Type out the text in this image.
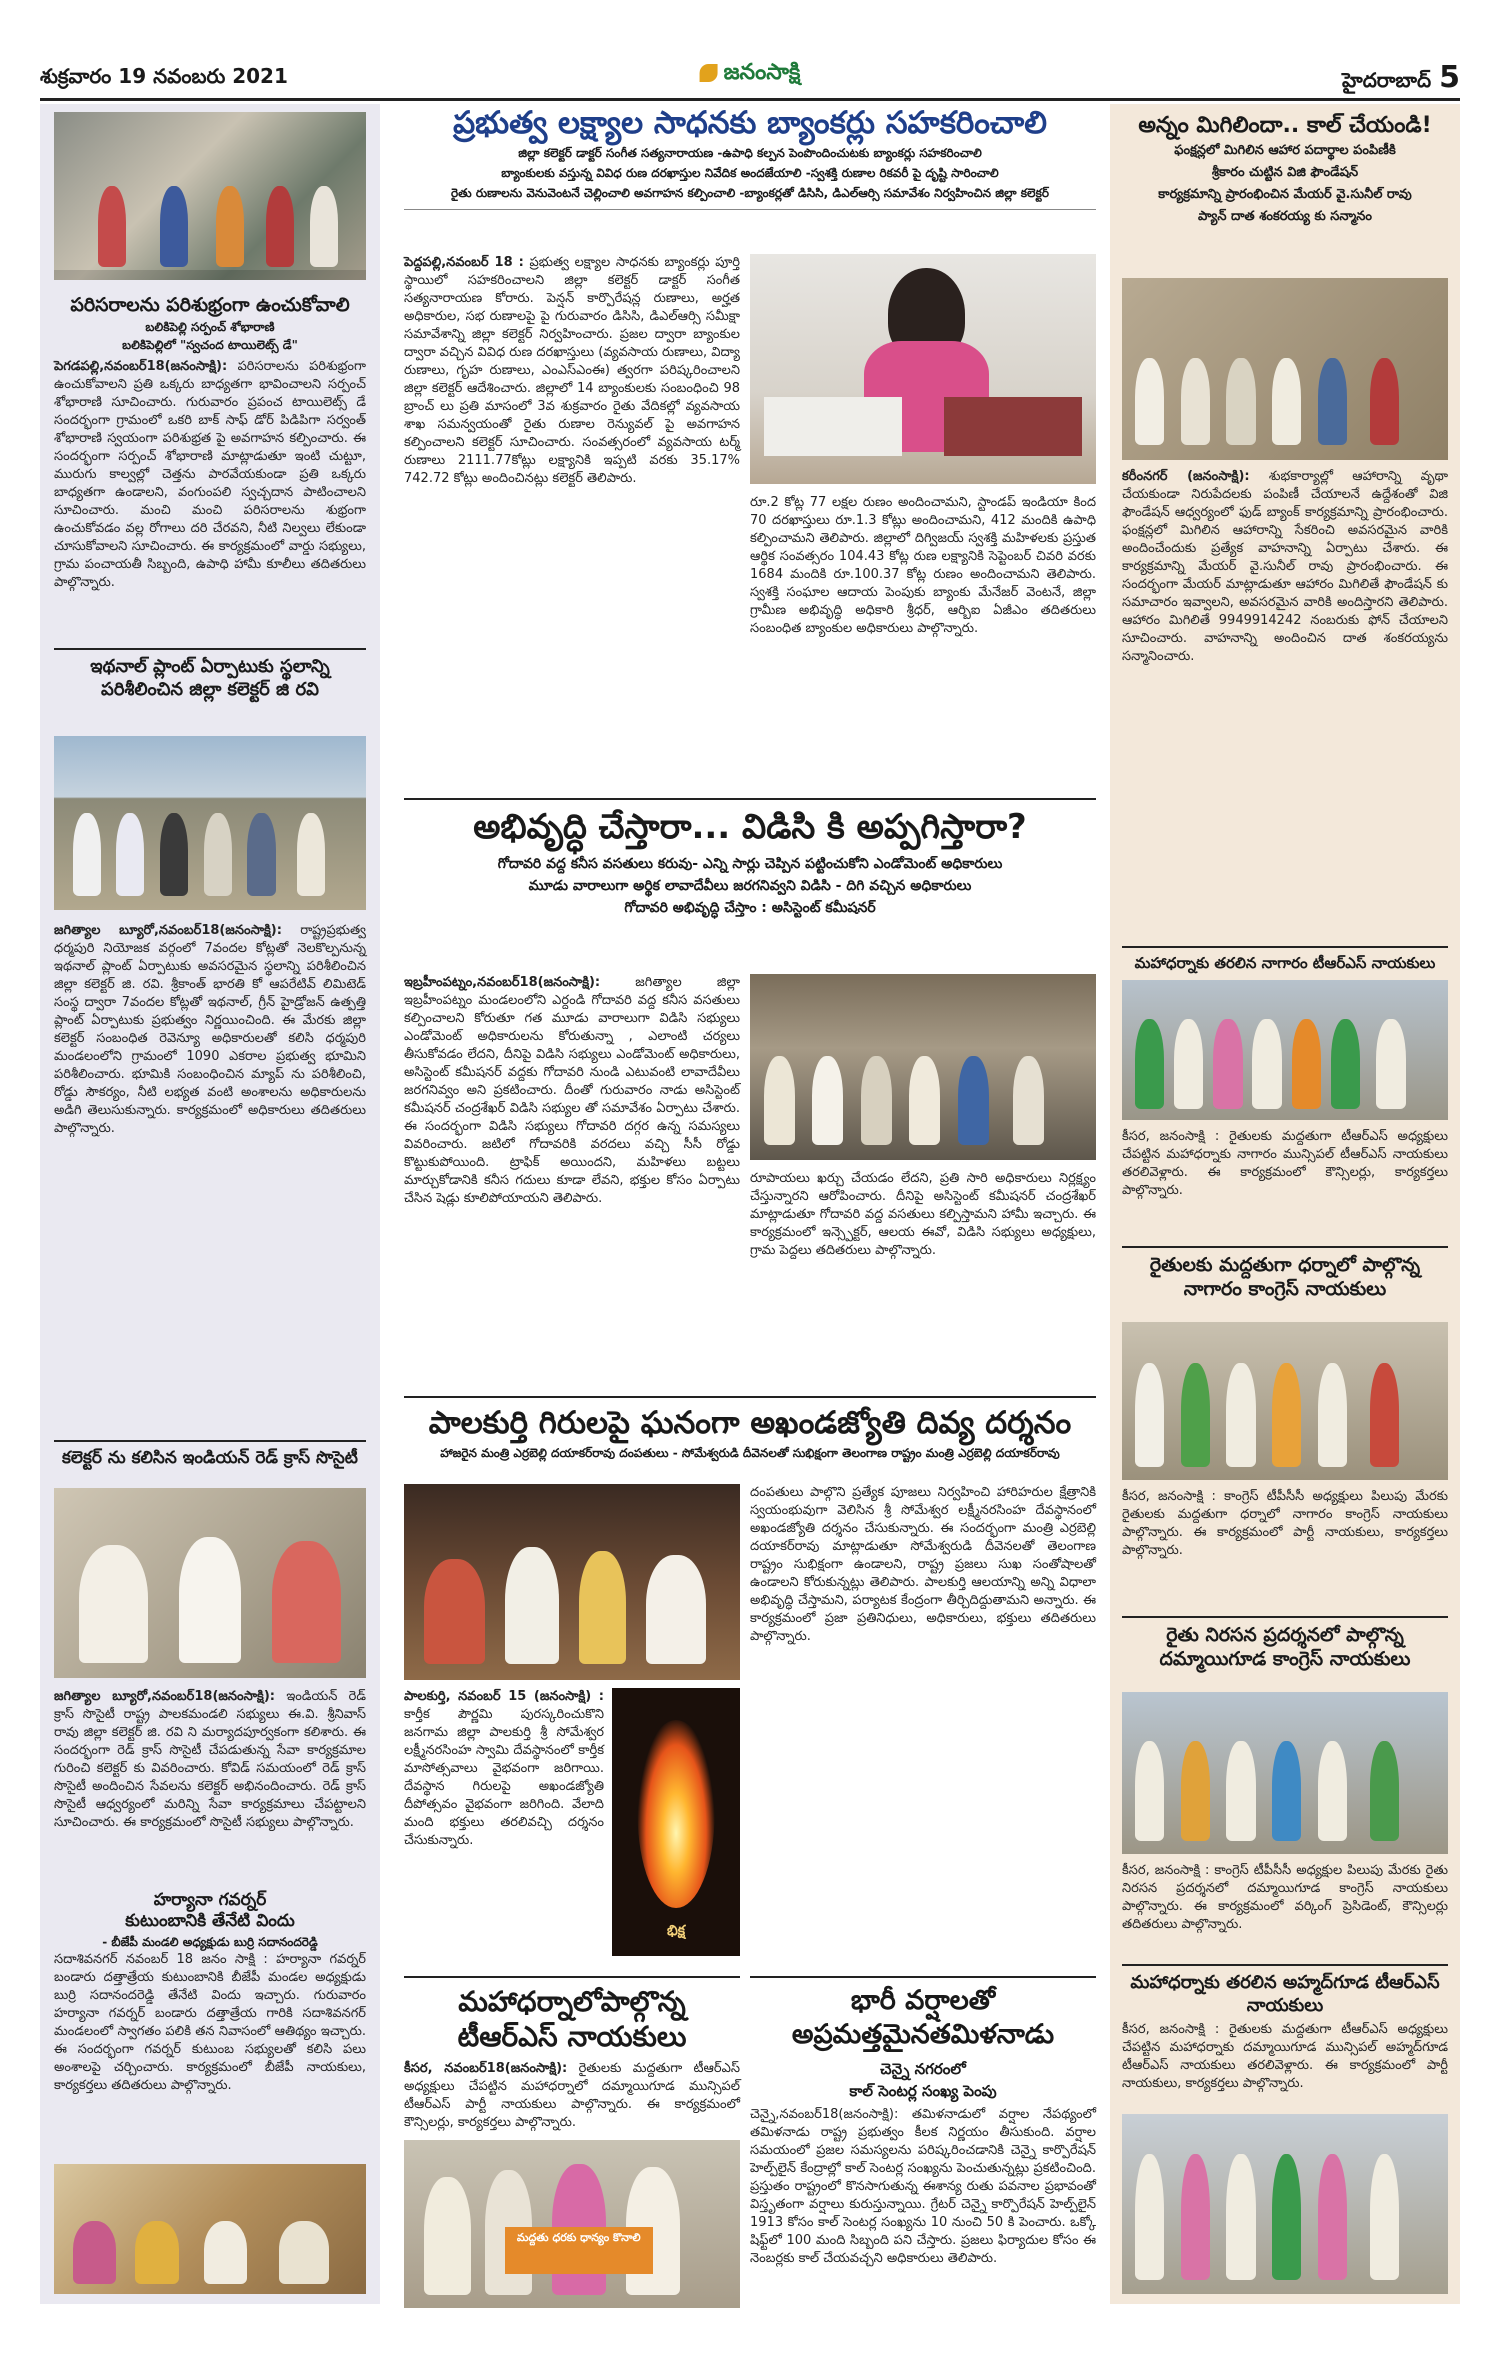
శుక్రవారం 19 నవంబరు 2021	జనంసాక్షి	హైదరాబాద్ 5
పరిసరాలను పరిశుభ్రంగా ఉంచుకోవాలి
బలికిపెల్లి సర్పంచ్ శోభారాణి
బలికిపెల్లిలో "స్వచంద టాయిలెట్స్ డే"
పెగడపల్లి,నవంబర్18(జనంసాక్షి): పరిసరాలను పరిశుభ్రంగా ఉంచుకోవాలని ప్రతి ఒక్కరు బాధ్యతగా భావించాలని సర్పంచ్ శోభారాణి సూచించారు. గురువారం ప్రపంచ టాయిలెట్స్ డే సందర్భంగా గ్రామంలో ఒకరి బాక్ సాఫ్ డోర్ పిడిపిగా సర్వంత్ శోభారాణి స్వయంగా పరిశుభ్రత పై అవగాహన కల్పించారు. ఈ సందర్భంగా సర్పంచ్ శోభారాణి మాట్లాడుతూ ఇంటి చుట్టూ, మురుగు కాల్వల్లో చెత్తను పారవేయకుండా ప్రతి ఒక్కరు బాధ్యతగా ఉండాలని, వంగుంపలి స్వచ్చదాన పాటించాలని సూచించారు. మంచి మంచి పరిసరాలను శుభ్రంగా ఉంచుకోవడం వల్ల రోగాలు దరి చేరవని, నీటి నిల్వలు లేకుండా చూసుకోవాలని సూచించారు. ఈ కార్యక్రమంలో వార్డు సభ్యులు, గ్రామ పంచాయతీ సిబ్బంది, ఉపాధి హామీ కూలీలు తదితరులు పాల్గొన్నారు.
ఇథనాల్ ప్లాంట్ ఏర్పాటుకు స్థలాన్ని పరిశీలించిన జిల్లా కలెక్టర్ జి రవి
జగిత్యాల బ్యూరో,నవంబర్18(జనంసాక్షి): రాష్ట్రప్రభుత్వ ధర్మపురి నియోజక వర్గంలో 7వందల కోట్లతో నెలకొల్పనున్న ఇథనాల్ ప్లాంట్ ఏర్పాటుకు అవసరమైన స్థలాన్ని పరిశీలించిన జిల్లా కలెక్టర్ జి. రవి. శ్రీకాంత్ భారతి కో ఆపరేటివ్ లిమిటెడ్ సంస్థ ద్వారా 7వందల కోట్లతో ఇథనాల్, గ్రీన్ హైడ్రోజన్ ఉత్పత్తి ప్లాంట్ ఏర్పాటుకు ప్రభుత్వం నిర్ణయించింది. ఈ మేరకు జిల్లా కలెక్టర్ సంబంధిత రెవెన్యూ అధికారులతో కలిసి ధర్మపురి మండలంలోని గ్రామంలో 1090 ఎకరాల ప్రభుత్వ భూమిని పరిశీలించారు. భూమికి సంబంధించిన మ్యాప్ ను పరిశీలించి, రోడ్డు సౌకర్యం, నీటి లభ్యత వంటి అంశాలను అధికారులను అడిగి తెలుసుకున్నారు. కార్యక్రమంలో అధికారులు తదితరులు పాల్గొన్నారు.
కలెక్టర్ ను కలిసిన ఇండియన్ రెడ్ క్రాస్ సొసైటీ
జగిత్యాల బ్యూరో,నవంబర్18(జనంసాక్షి): ఇండియన్ రెడ్ క్రాస్ సొసైటీ రాష్ట్ర పాలకమండలి సభ్యులు ఈ.వి. శ్రీనివాస్ రావు జిల్లా కలెక్టర్ జి. రవి ని మర్యాదపూర్వకంగా కలిశారు. ఈ సందర్భంగా రెడ్ క్రాస్ సొసైటీ చేపడుతున్న సేవా కార్యక్రమాల గురించి కలెక్టర్ కు వివరించారు. కోవిడ్ సమయంలో రెడ్ క్రాస్ సొసైటీ అందించిన సేవలను కలెక్టర్ అభినందించారు. రెడ్ క్రాస్ సొసైటీ ఆధ్వర్యంలో మరిన్ని సేవా కార్యక్రమాలు చేపట్టాలని సూచించారు. ఈ కార్యక్రమంలో సొసైటీ సభ్యులు పాల్గొన్నారు.
హర్యానా గవర్నర్
కుటుంబానికి తేనేటి విందు
- బీజేపీ మండలి అధ్యక్షుడు బుర్రి సదానందరెడ్డి
సదాశివనగర్ నవంబర్ 18 జనం సాక్షి : హర్యానా గవర్నర్ బండారు దత్తాత్రేయ కుటుంబానికి బీజేపీ మండల అధ్యక్షుడు బుర్రి సదానందరెడ్డి తేనేటి విందు ఇచ్చారు. గురువారం హర్యానా గవర్నర్ బండారు దత్తాత్రేయ గారికి సదాశివనగర్ మండలంలో స్వాగతం పలికి తన నివాసంలో ఆతిథ్యం ఇచ్చారు. ఈ సందర్భంగా గవర్నర్ కుటుంబ సభ్యులతో కలిసి పలు అంశాలపై చర్చించారు. కార్యక్రమంలో బీజేపీ నాయకులు, కార్యకర్తలు తదితరులు పాల్గొన్నారు.
ప్రభుత్వ లక్ష్యాల సాధనకు బ్యాంకర్లు సహకరించాలి
జిల్లా కలెక్టర్ డాక్టర్ సంగీత సత్యనారాయణ -ఉపాధి కల్పన పెంపొందించుటకు బ్యాంకర్లు సహకరించాలి
బ్యాంకులకు వస్తున్న వివిధ రుణ దరఖాస్తుల నివేదిక అందజేయాలి -స్వశక్తి రుణాల రికవరీ పై దృష్టి సారించాలి
రైతు రుణాలను వెనువెంటనే చెల్లించాలి అవగాహన కల్పించాలి -బ్యాంకర్లతో డిసిసి, డిఎల్ఆర్సి సమావేశం నిర్వహించిన జిల్లా కలెక్టర్
పెద్దపల్లి,నవంబర్ 18 : ప్రభుత్వ లక్ష్యాల సాధనకు బ్యాంకర్లు పూర్తి స్థాయిలో సహకరించాలని జిల్లా కలెక్టర్ డాక్టర్ సంగీత సత్యనారాయణ కోరారు. పెన్షన్ కార్పొరేషన్ల రుణాలు, అర్హత అధికారుల, సభ రుణాలపై పై గురువారం డిసిసి, డిఎల్ఆర్సి సమీక్షా సమావేశాన్ని జిల్లా కలెక్టర్ నిర్వహించారు. ప్రజల ద్వారా బ్యాంకుల ద్వారా వచ్చిన వివిధ రుణ దరఖాస్తులు (వ్యవసాయ రుణాలు, విద్యా రుణాలు, గృహ రుణాలు, ఎంఎస్ఎంఈ) త్వరగా పరిష్కరించాలని జిల్లా కలెక్టర్ ఆదేశించారు. జిల్లాలో 14 బ్యాంకులకు సంబంధించి 98 బ్రాంచ్ లు ప్రతి మాసంలో 3వ శుక్రవారం రైతు వేదికల్లో వ్యవసాయ శాఖ సమన్వయంతో రైతు రుణాల రెన్యువల్ పై అవగాహన కల్పించాలని కలెక్టర్ సూచించారు. సంవత్సరంలో వ్యవసాయ టర్మ్ రుణాలు 2111.77కోట్లు లక్ష్యానికి ఇప్పటి వరకు 35.17% 742.72 కోట్లు అందించినట్లు కలెక్టర్ తెలిపారు.
రూ.2 కోట్ల 77 లక్షల రుణం అందించామని, స్టాండప్ ఇండియా కింద 70 దరఖాస్తులు రూ.1.3 కోట్లు అందించామని, 412 మందికి ఉపాధి కల్పించామని తెలిపారు. జిల్లాలో దిగ్విజయ్ స్వశక్తి మహిళలకు ప్రస్తుత ఆర్థిక సంవత్సరం 104.43 కోట్ల రుణ లక్ష్యానికి సెప్టెంబర్ చివరి వరకు 1684 మందికి రూ.100.37 కోట్ల రుణం అందించామని తెలిపారు. స్వశక్తి సంఘాల ఆదాయ పెంపుకు బ్యాంకు మేనేజర్ వెంటనే, జిల్లా గ్రామీణ అభివృద్ధి అధికారి శ్రీధర్, ఆర్బిఐ ఏజీఎం తదితరులు సంబంధిత బ్యాంకుల అధికారులు పాల్గొన్నారు.
అభివృద్ధి చేస్తారా... విడిసి కి అప్పగిస్తారా?
గోదావరి వద్ద కనీస వసతులు కరువు- ఎన్ని సార్లు చెప్పిన పట్టించుకోని ఎండోమెంట్ అధికారులు
మూడు వారాలుగా అర్థిక లావాదేవీలు జరగనివ్వని విడిసి - దిగి వచ్చిన అధికారులు
గోదావరి అభివృద్ధి చేస్తాం : అసిస్టెంట్ కమీషనర్
ఇబ్రహీంపట్నం,నవంబర్18(జనంసాక్షి):	జగిత్యాల జిల్లా ఇబ్రహీంపట్నం మండలంలోని ఎర్దండి గోదావరి వద్ద కనీస వసతులు కల్పించాలని కోరుతూ గత మూడు వారాలుగా విడిసి సభ్యులు ఎండోమెంట్ అధికారులను కోరుతున్నా , ఎలాంటి చర్యలు తీసుకోవడం లేదని, దీనిపై విడిసి సభ్యులు ఎండోమెంట్ అధికారులు, అసిస్టెంట్ కమీషనర్ వద్దకు గోదావరి నుండి ఎటువంటి లావాదేవీలు జరగనివ్వం అని ప్రకటించారు. దీంతో గురువారం నాడు అసిస్టెంట్ కమీషనర్ చంద్రశేఖర్ విడిసి సభ్యుల తో సమావేశం ఏర్పాటు చేశారు. ఈ సందర్భంగా విడిసి సభ్యులు గోదావరి దగ్గర ఉన్న సమస్యలు వివరించారు. జటిలో గోదావరికి వరదలు వచ్చి సీసీ రోడ్డు కొట్టుకుపోయింది. ట్రాఫిక్ అయిందని, మహిళలు బట్టలు మార్చుకోడానికి కనీస గదులు కూడా లేవని, భక్తుల కోసం ఏర్పాటు చేసిన షెడ్లు కూలిపోయాయని తెలిపారు.
రూపాయలు ఖర్చు చేయడం లేదని, ప్రతి సారి అధికారులు నిర్లక్ష్యం చేస్తున్నారని ఆరోపించారు. దీనిపై అసిస్టెంట్ కమీషనర్ చంద్రశేఖర్ మాట్లాడుతూ గోదావరి వద్ద వసతులు కల్పిస్తామని హామీ ఇచ్చారు. ఈ కార్యక్రమంలో ఇన్స్పెక్టర్, ఆలయ ఈవో, విడిసి సభ్యులు అధ్యక్షులు, గ్రామ పెద్దలు తదితరులు పాల్గొన్నారు.
పాలకుర్తి గిరులపై ఘనంగా అఖండజ్యోతి దివ్య దర్శనం
హాజరైన మంత్రి ఎర్రబెల్లి దయాకర్‌రావు దంపతులు - సోమేశ్వరుడి దీవెనలతో సుభిక్షంగా తెలంగాణ రాష్ట్రం మంత్రి ఎర్రబెల్లి దయాకర్‌రావు
పాలకుర్తి, నవంబర్ 15 (జనంసాక్షి) : కార్తీక పౌర్ణమి పురస్కరించుకొని జనగామ జిల్లా పాలకుర్తి శ్రీ సోమేశ్వర లక్ష్మీనరసింహ స్వామి దేవస్థానంలో కార్తీక మాసోత్సవాలు వైభవంగా జరిగాయి. దేవస్థాన గిరులపై అఖండజ్యోతి దీపోత్సవం వైభవంగా జరిగింది. వేలాది మంది భక్తులు తరలివచ్చి దర్శనం చేసుకున్నారు.
భిక్ష
దంపతులు పాల్గొని ప్రత్యేక పూజలు నిర్వహించి హారిహరుల క్షేత్రానికి స్వయంభువుగా వెలిసిన శ్రీ సోమేశ్వర లక్ష్మీనరసింహ దేవస్థానంలో అఖండజ్యోతి దర్శనం చేసుకున్నారు. ఈ సందర్భంగా మంత్రి ఎర్రబెల్లి దయాకర్‌రావు మాట్లాడుతూ సోమేశ్వరుడి దీవెనలతో తెలంగాణ రాష్ట్రం సుభిక్షంగా ఉండాలని, రాష్ట్ర ప్రజలు సుఖ సంతోషాలతో ఉండాలని కోరుకున్నట్లు తెలిపారు. పాలకుర్తి ఆలయాన్ని అన్ని విధాలా అభివృద్ధి చేస్తామని, పర్యాటక కేంద్రంగా తీర్చిదిద్దుతామని అన్నారు. ఈ కార్యక్రమంలో ప్రజా ప్రతినిధులు, అధికారులు, భక్తులు తదితరులు పాల్గొన్నారు.
మహాధర్నాలోపాల్గొన్న టీఆర్ఎస్ నాయకులు
కీసర, నవంబర్18(జనంసాక్షి): రైతులకు మద్దతుగా టీఆర్ఎస్ అధ్యక్షులు చేపట్టిన మహాధర్నాలో దమ్మాయిగూడ మున్సిపల్ టీఆర్ఎస్ పార్టీ నాయకులు పాల్గొన్నారు. ఈ కార్యక్రమంలో కౌన్సిలర్లు, కార్యకర్తలు పాల్గొన్నారు.
మద్దతు ధరకు ధాన్యం కొనాలి
భారీ వర్షాలతో అప్రమత్తమైనతమిళనాడు
చెన్నై నగరంలో
కాల్ సెంటర్ల సంఖ్య పెంపు
చెన్నై,నవంబర్18(జనంసాక్షి): తమిళనాడులో వర్షాల నేపథ్యంలో తమిళనాడు రాష్ట్ర ప్రభుత్వం కీలక నిర్ణయం తీసుకుంది. వర్షాల సమయంలో ప్రజల సమస్యలను పరిష్కరించడానికి చెన్నై కార్పొరేషన్ హెల్ప్‌లైన్ కేంద్రాల్లో కాల్ సెంటర్ల సంఖ్యను పెంచుతున్నట్లు ప్రకటించింది. ప్రస్తుతం రాష్ట్రంలో కొనసాగుతున్న ఈశాన్య రుతు పవనాల ప్రభావంతో విస్తృతంగా వర్షాలు కురుస్తున్నాయి. గ్రేటర్ చెన్నై కార్పొరేషన్ హెల్ప్‌లైన్ 1913 కోసం కాల్ సెంటర్ల సంఖ్యను 10 నుంచి 50 కి పెంచారు. ఒక్కో షిఫ్ట్‌లో 100 మంది సిబ్బంది పని చేస్తారు. ప్రజలు ఫిర్యాదుల కోసం ఈ నెంబర్లకు కాల్ చేయవచ్చని అధికారులు తెలిపారు.
అన్నం మిగిలిందా.. కాల్ చేయండి!
ఫంక్షన్లలో మిగిలిన ఆహార పదార్థాల పంపిణీకి
శ్రీకారం చుట్టిన విజి ఫౌండేషన్
కార్యక్రమాన్ని ప్రారంభించిన మేయర్ వై.సునీల్ రావు
ప్యాన్ దాత శంకరయ్య కు సన్మానం
కరీంనగర్ (జనంసాక్షి): శుభకార్యాల్లో ఆహారాన్ని వృథా చేయకుండా నిరుపేదలకు పంపిణీ చేయాలనే ఉద్దేశంతో విజి ఫౌండేషన్ ఆధ్వర్యంలో ఫుడ్ బ్యాంక్ కార్యక్రమాన్ని ప్రారంభించారు. ఫంక్షన్లలో మిగిలిన ఆహారాన్ని సేకరించి అవసరమైన వారికి అందించేందుకు ప్రత్యేక వాహనాన్ని ఏర్పాటు చేశారు. ఈ కార్యక్రమాన్ని మేయర్ వై.సునీల్ రావు ప్రారంభించారు. ఈ సందర్భంగా మేయర్ మాట్లాడుతూ ఆహారం మిగిలితే ఫౌండేషన్ కు సమాచారం ఇవ్వాలని, అవసరమైన వారికి అందిస్తారని తెలిపారు. ఆహారం మిగిలితే 9949914242 నంబరుకు ఫోన్ చేయాలని సూచించారు. వాహనాన్ని అందించిన దాత శంకరయ్యను సన్మానించారు.
మహాధర్నాకు తరలిన నాగారం టీఆర్ఎస్ నాయకులు
కీసర, జనంసాక్షి : రైతులకు మద్దతుగా టీఆర్ఎస్ అధ్యక్షులు చేపట్టిన మహాధర్నాకు నాగారం మున్సిపల్ టీఆర్ఎస్ నాయకులు తరలివెళ్లారు. ఈ కార్యక్రమంలో కౌన్సిలర్లు, కార్యకర్తలు పాల్గొన్నారు.
రైతులకు మద్దతుగా ధర్నాలో పాల్గొన్న నాగారం కాంగ్రెస్ నాయకులు
కీసర, జనంసాక్షి : కాంగ్రెస్ టీపీసీసీ అధ్యక్షులు పిలుపు మేరకు రైతులకు మద్దతుగా ధర్నాలో నాగారం కాంగ్రెస్ నాయకులు పాల్గొన్నారు. ఈ కార్యక్రమంలో పార్టీ నాయకులు, కార్యకర్తలు పాల్గొన్నారు.
రైతు నిరసన ప్రదర్శనలో పాల్గొన్న దమ్మాయిగూడ కాంగ్రెస్ నాయకులు
కీసర, జనంసాక్షి : కాంగ్రెస్ టీపీసీసీ అధ్యక్షుల పిలుపు మేరకు రైతు నిరసన ప్రదర్శనలో దమ్మాయిగూడ కాంగ్రెస్ నాయకులు పాల్గొన్నారు. ఈ కార్యక్రమంలో వర్కింగ్ ప్రెసిడెంట్, కౌన్సిలర్లు తదితరులు పాల్గొన్నారు.
మహాధర్నాకు తరలిన అహ్మద్‌గూడ టీఆర్ఎస్ నాయకులు
కీసర, జనంసాక్షి : రైతులకు మద్దతుగా టీఆర్ఎస్ అధ్యక్షులు చేపట్టిన మహాధర్నాకు దమ్మాయిగూడ మున్సిపల్ అహ్మద్‌గూడ టీఆర్ఎస్ నాయకులు తరలివెళ్లారు. ఈ కార్యక్రమంలో పార్టీ నాయకులు, కార్యకర్తలు పాల్గొన్నారు.
